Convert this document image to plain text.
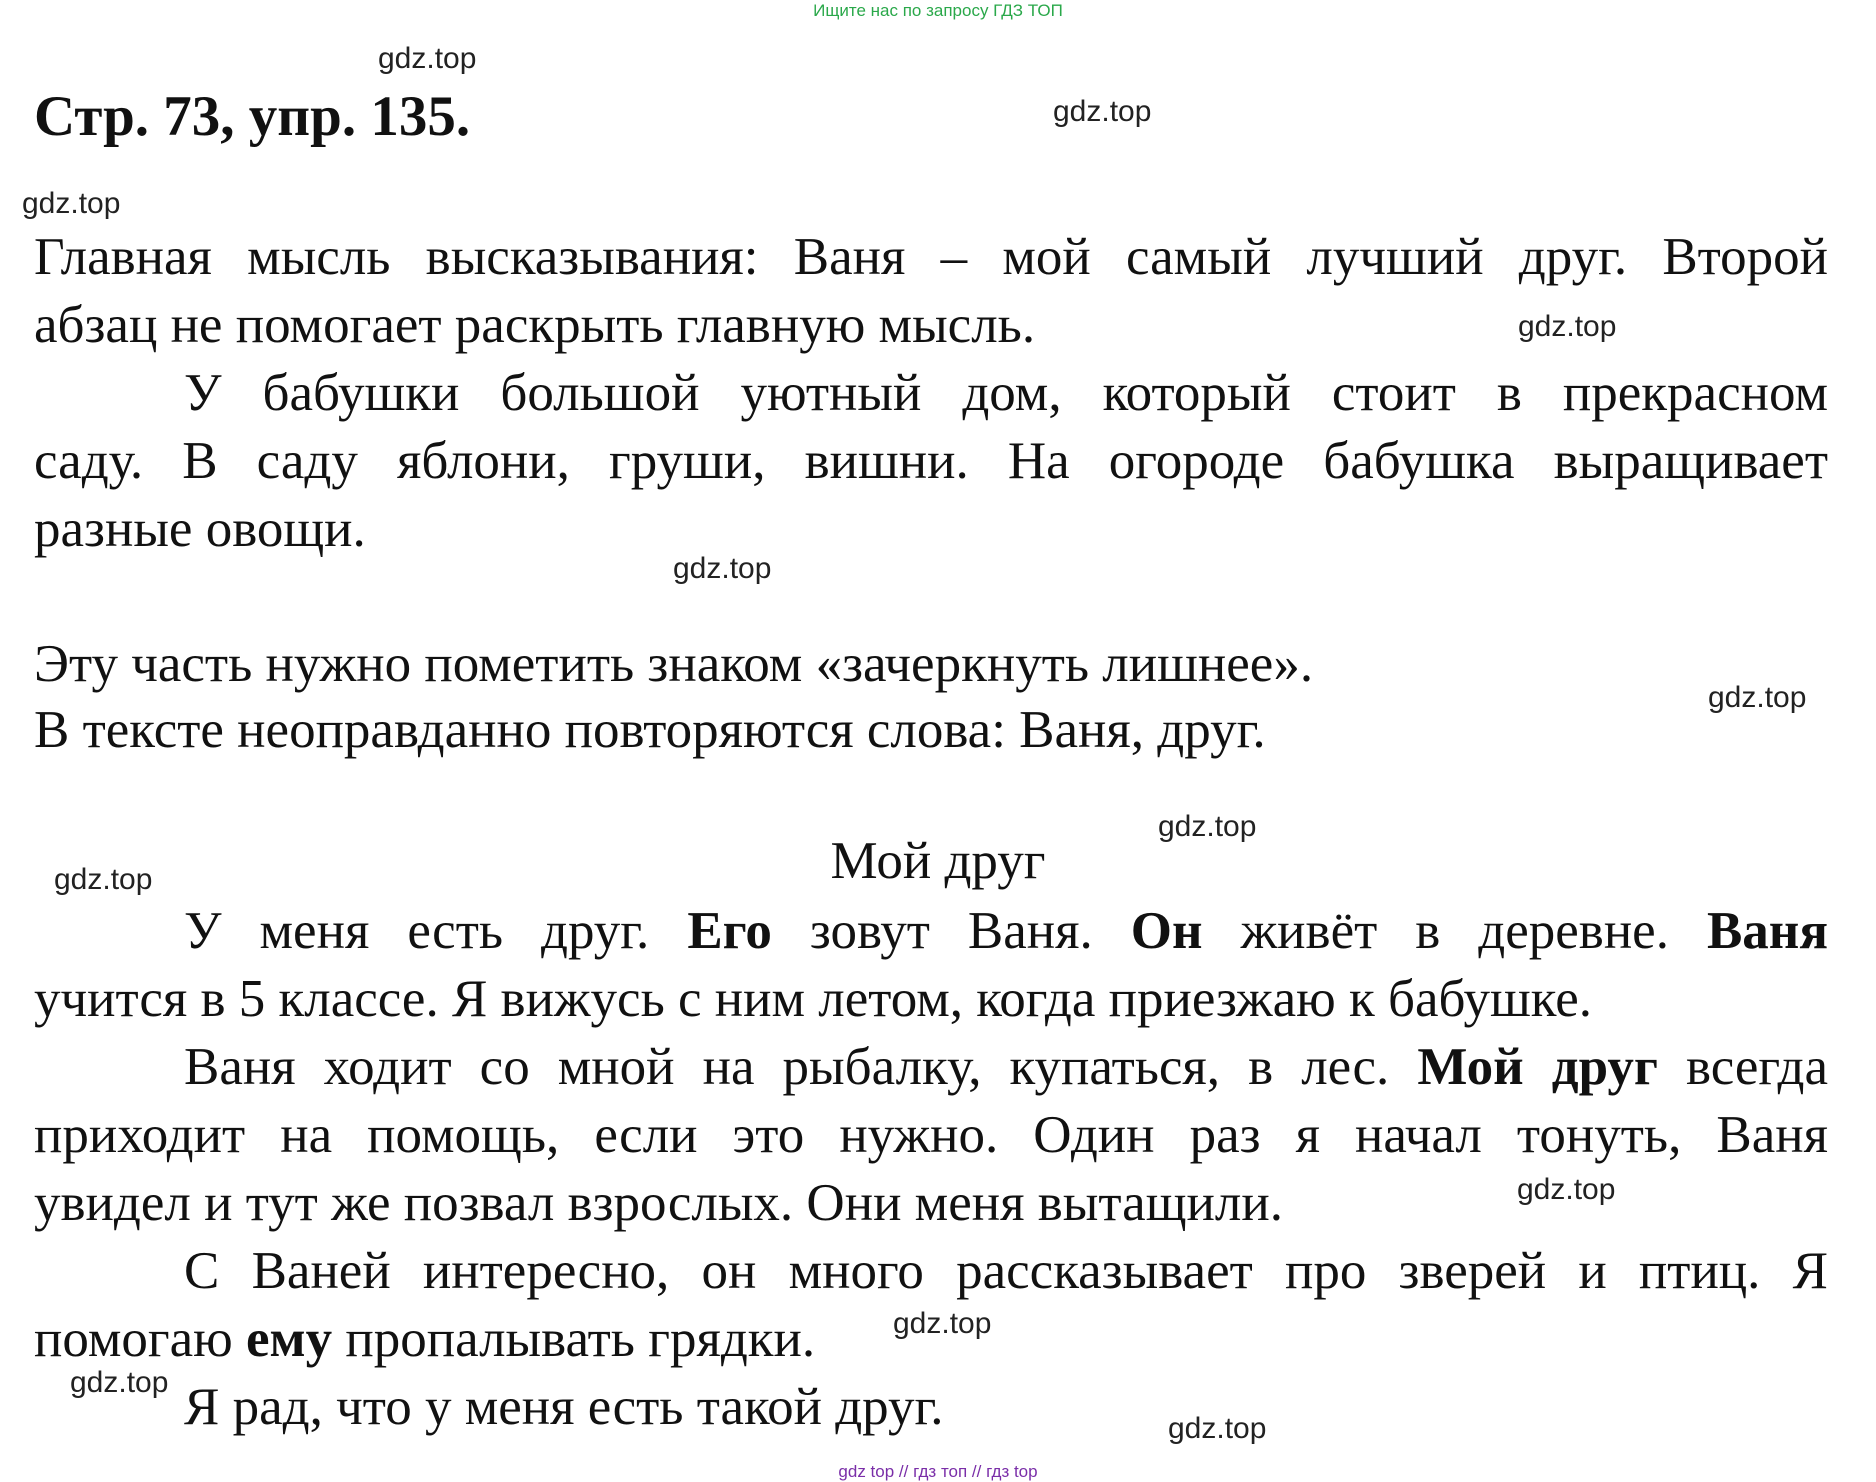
Ищите нас по запросу ГДЗ ТОП
Стр. 73, упр. 135.
gdz.top
gdz.top
gdz.top
gdz.top
gdz.top
gdz.top
gdz.top
gdz.top
gdz.top
gdz.top
gdz.top
gdz.top
Главная мысль высказывания: Ваня – мой самый лучший друг. Второй
абзац не помогает раскрыть главную мысль.
У бабушки большой уютный дом, который стоит в прекрасном
саду. В саду яблони, груши, вишни. На огороде бабушка выращивает
разные овощи.
Эту часть нужно пометить знаком «зачеркнуть лишнее».
В тексте неоправданно повторяются слова: Ваня, друг.
Мой друг
У меня есть друг. Его зовут Ваня. Он живёт в деревне. Ваня
учится в 5 классе. Я вижусь с ним летом, когда приезжаю к бабушке.
Ваня ходит со мной на рыбалку, купаться, в лес. Мой друг всегда
приходит на помощь, если это нужно. Один раз я начал тонуть, Ваня
увидел и тут же позвал взрослых. Они меня вытащили.
С Ваней интересно, он много рассказывает про зверей и птиц. Я
помогаю ему пропалывать грядки.
Я рад, что у меня есть такой друг.
gdz top // гдз топ // гдз top
